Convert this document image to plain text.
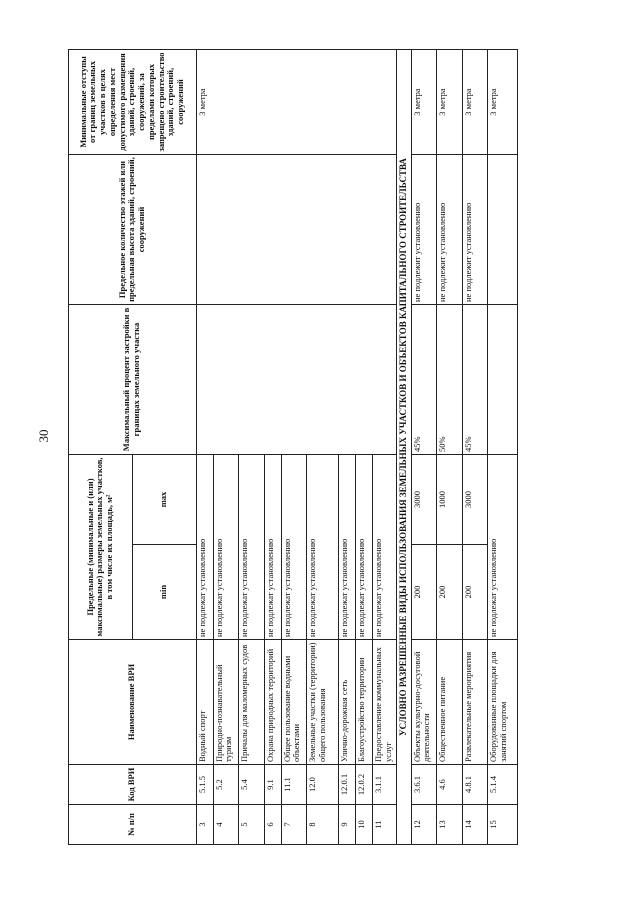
30
№ п/п	Код ВРИ	Наименование ВРИ	Предельные (минимальные и (или) максимальные) размеры земельных участков, в том числе их площадь, м²		Максимальный процент застройки в границах земельного участка	Предельное количество этажей или предельная высота зданий, строений, сооружений	Минимальные отступы от границ земельных участков в целях определения мест допустимого размещения зданий, строений, сооружений, за пределами которых запрещено строительство зданий, строений, сооружений
			min	max			
3	5.1.5	Водный спорт	не подлежат установлению				3 метра
4	5.2	Природно-познавательный туризм	не подлежат установлению				
5	5.4	Причалы для маломерных судов	не подлежат установлению				
6	9.1	Охрана природных территорий	не подлежат установлению				
7	11.1	Общее пользование водными объектами	не подлежат установлению				
8	12.0	Земельные участки (территории) общего пользования	не подлежат установлению				
9	12.0.1	Улично-дорожная сеть	не подлежат установлению				
10	12.0.2	Благоустройство территории	не подлежат установлению				
11	3.1.1	Предоставление коммунальных услуг	не подлежат установлению				
УСЛОВНО РАЗРЕШЕННЫЕ ВИДЫ ИСПОЛЬЗОВАНИЯ ЗЕМЕЛЬНЫХ УЧАСТКОВ И ОБЪЕКТОВ КАПИТАЛЬНОГО СТРОИТЕЛЬСТВА							
12	3.6.1	Объекты культурно-досуговой деятельности	200	3000	45%	не подлежит установлению	3 метра
13	4.6	Общественное питание	200	1000	50%	не подлежит установлению	3 метра
14	4.8.1	Развлекательные мероприятия	200	3000	45%	не подлежит установлению	3 метра
15	5.1.4	Оборудованные площадки для занятий спортом	не подлежат установлению				3 метра
